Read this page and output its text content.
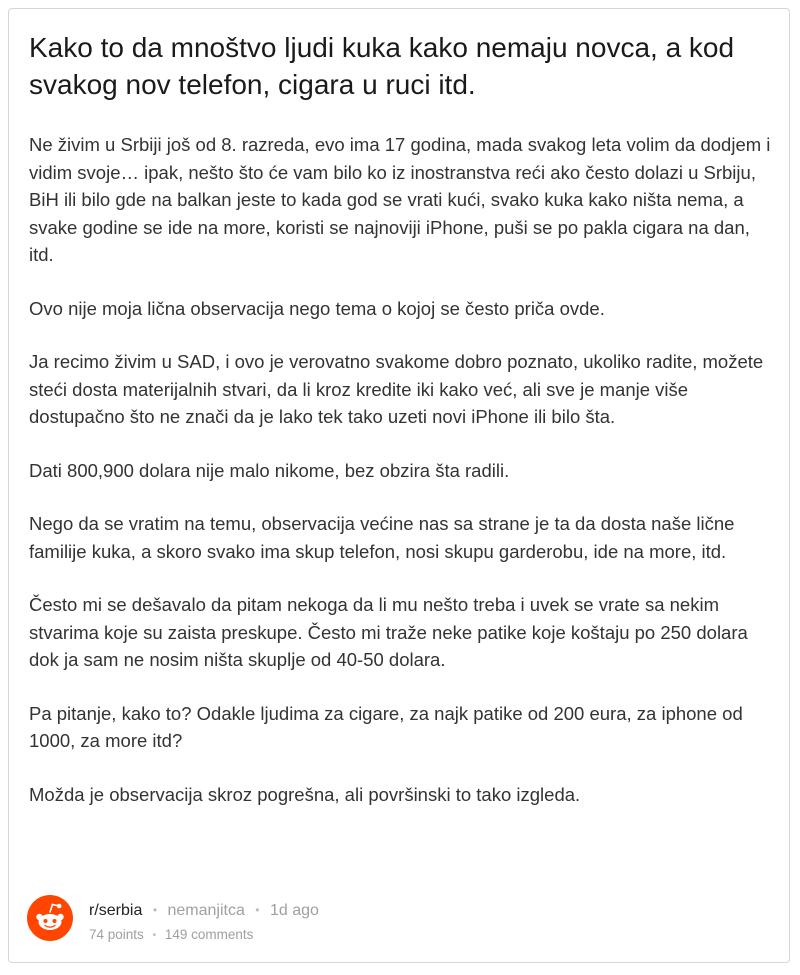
Kako to da mnoštvo ljudi kuka kako nemaju novca, a kod svakog nov telefon, cigara u ruci itd.

Ne živim u Srbiji još od 8. razreda, evo ima 17 godina, mada svakog leta volim da dodjem i vidim svoje… ipak, nešto što će vam bilo ko iz inostranstva reći ako često dolazi u Srbiju, BiH ili bilo gde na balkan jeste to kada god se vrati kući, svako kuka kako ništa nema, a svake godine se ide na more, koristi se najnoviji iPhone, puši se po pakla cigara na dan, itd.

Ovo nije moja lična observacija nego tema o kojoj se često priča ovde.

Ja recimo živim u SAD, i ovo je verovatno svakome dobro poznato, ukoliko radite, možete steći dosta materijalnih stvari, da li kroz kredite iki kako već, ali sve je manje više dostupačno što ne znači da je lako tek tako uzeti novi iPhone ili bilo šta.

Dati 800,900 dolara nije malo nikome, bez obzira šta radili.

Nego da se vratim na temu, observacija većine nas sa strane je ta da dosta naše lične familije kuka, a skoro svako ima skup telefon, nosi skupu garderobu, ide na more, itd.

Često mi se dešavalo da pitam nekoga da li mu nešto treba i uvek se vrate sa nekim stvarima koje su zaista preskupe. Često mi traže neke patike koje koštaju po 250 dolara dok ja sam ne nosim ništa skuplje od 40-50 dolara.

Pa pitanje, kako to? Odakle ljudima za cigare, za najk patike od 200 eura, za iphone od 1000, za more itd?

Možda je observacija skroz pogrešna, ali površinski to tako izgleda.

r/serbia • nemanjitca • 1d ago
74 points • 149 comments
